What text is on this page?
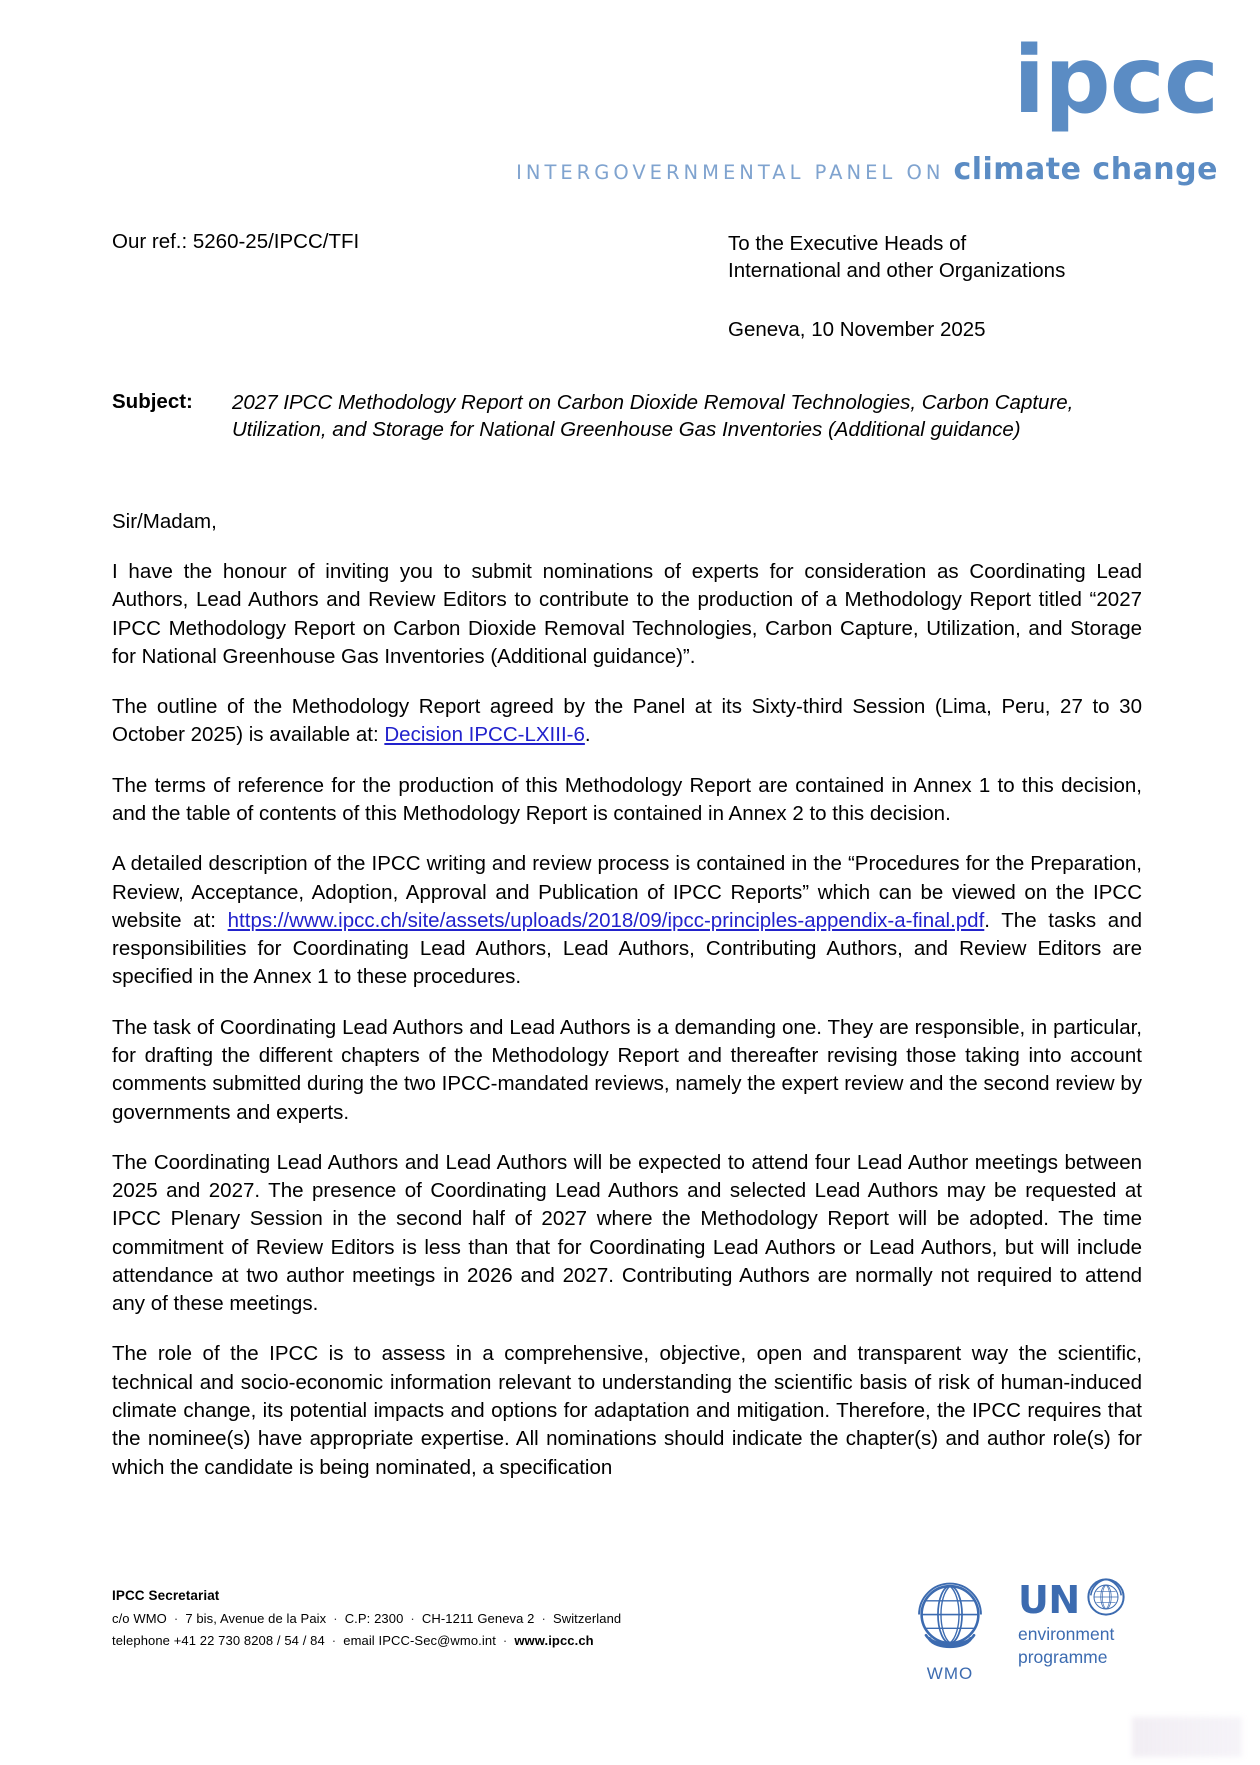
ipcc
INTERGOVERNMENTAL PANEL ON climate change
Our ref.: 5260-25/IPCC/TFI	To the Executive Heads of
International and other Organizations
Geneva, 10 November 2025
Subject:	2027 IPCC Methodology Report on Carbon Dioxide Removal Technologies, Carbon Capture, Utilization, and Storage for National Greenhouse Gas Inventories (Additional guidance)
Sir/Madam,

I have the honour of inviting you to submit nominations of experts for consideration as Coordinating Lead Authors, Lead Authors and Review Editors to contribute to the production of a Methodology Report titled “2027 IPCC Methodology Report on Carbon Dioxide Removal Technologies, Carbon Capture, Utilization, and Storage for National Greenhouse Gas Inventories (Additional guidance)”.

The outline of the Methodology Report agreed by the Panel at its Sixty-third Session (Lima, Peru, 27 to 30 October 2025) is available at: Decision IPCC-LXIII-6.

The terms of reference for the production of this Methodology Report are contained in Annex 1 to this decision, and the table of contents of this Methodology Report is contained in Annex 2 to this decision.

A detailed description of the IPCC writing and review process is contained in the “Procedures for the Preparation, Review, Acceptance, Adoption, Approval and Publication of IPCC Reports” which can be viewed on the IPCC website at: https://www.ipcc.ch/site/assets/uploads/2018/09/ipcc-principles-appendix-a-final.pdf. The tasks and responsibilities for Coordinating Lead Authors, Lead Authors, Contributing Authors, and Review Editors are specified in the Annex 1 to these procedures.

The task of Coordinating Lead Authors and Lead Authors is a demanding one. They are responsible, in particular, for drafting the different chapters of the Methodology Report and thereafter revising those taking into account comments submitted during the two IPCC-mandated reviews, namely the expert review and the second review by governments and experts.

The Coordinating Lead Authors and Lead Authors will be expected to attend four Lead Author meetings between 2025 and 2027. The presence of Coordinating Lead Authors and selected Lead Authors may be requested at IPCC Plenary Session in the second half of 2027 where the Methodology Report will be adopted. The time commitment of Review Editors is less than that for Coordinating Lead Authors or Lead Authors, but will include attendance at two author meetings in 2026 and 2027. Contributing Authors are normally not required to attend any of these meetings.

The role of the IPCC is to assess in a comprehensive, objective, open and transparent way the scientific, technical and socio-economic information relevant to understanding the scientific basis of risk of human-induced climate change, its potential impacts and options for adaptation and mitigation. Therefore, the IPCC requires that the nominee(s) have appropriate expertise. All nominations should indicate the chapter(s) and author role(s) for which the candidate is being nominated, a specification

IPCC Secretariat
c/o WMO · 7 bis, Avenue de la Paix · C.P: 2300 · CH-1211 Geneva 2 · Switzerland
telephone +41 22 730 8208 / 54 / 84 · email IPCC-Sec@wmo.int · www.ipcc.ch
WMO
UN
environment
programme
